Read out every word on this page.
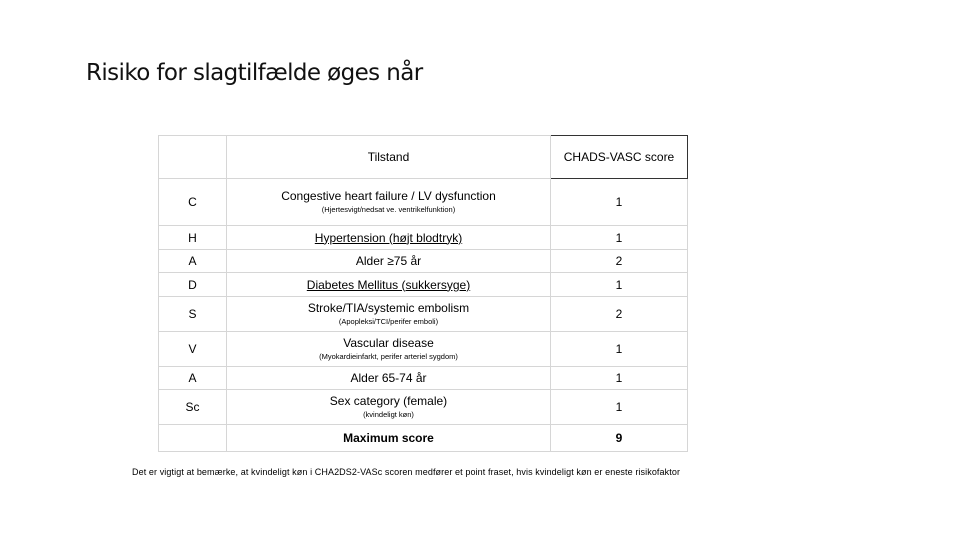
Risiko for slagtilfælde øges når
	Tilstand	CHADS-VASC score
C	Congestive heart failure / LV dysfunction
(Hjertesvigt/nedsat ve. ventrikelfunktion)	1
H	Hypertension (højt blodtryk)	1
A	Alder ≥75 år	2
D	Diabetes Mellitus (sukkersyge)	1
S	Stroke/TIA/systemic embolism
(Apopleksi/TCI/perifer emboli)	2
V	Vascular disease
(Myokardieinfarkt, perifer arteriel sygdom)	1
A	Alder 65-74 år	1
Sc	Sex category (female)
(kvindeligt køn)	1
	Maximum score	9
Det er vigtigt at bemærke, at kvindeligt køn i CHA2DS2-VASc scoren medfører et point fraset, hvis kvindeligt køn er eneste risikofaktor
